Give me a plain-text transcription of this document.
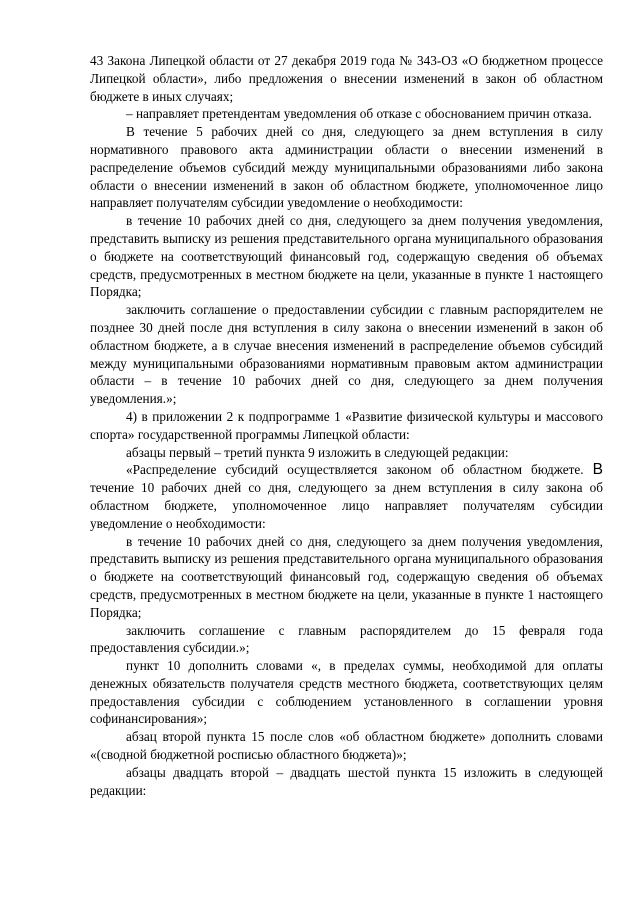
43 Закона Липецкой области от 27 декабря 2019 года № 343-ОЗ «О бюджетном процессе Липецкой области», либо предложения о внесении изменений в закон об областном бюджете в иных случаях;

– направляет претендентам уведомления об отказе с обоснованием причин отказа.

В течение 5 рабочих дней со дня, следующего за днем вступления в силу нормативного правового акта администрации области о внесении изменений в распределение объемов субсидий между муниципальными образованиями либо закона области о внесении изменений в закон об областном бюджете, уполномоченное лицо направляет получателям субсидии уведомление о необходимости:

в течение 10 рабочих дней со дня, следующего за днем получения уведомления, представить выписку из решения представительного органа муниципального образования о бюджете на соответствующий финансовый год, содержащую сведения об объемах средств, предусмотренных в местном бюджете на цели, указанные в пункте 1 настоящего Порядка;

заключить соглашение о предоставлении субсидии с главным распорядителем не позднее 30 дней после дня вступления в силу закона о внесении изменений в закон об областном бюджете, а в случае внесения изменений в распределение объемов субсидий между муниципальными образованиями нормативным правовым актом администрации области – в течение 10 рабочих дней со дня, следующего за днем получения уведомления.»;

4) в приложении 2 к подпрограмме 1 «Развитие физической культуры и массового спорта» государственной программы Липецкой области:

абзацы первый – третий пункта 9 изложить в следующей редакции:

«Распределение субсидий осуществляется законом об областном бюджете. В течение 10 рабочих дней со дня, следующего за днем вступления в силу закона об областном бюджете, уполномоченное лицо направляет получателям субсидии уведомление о необходимости:

в течение 10 рабочих дней со дня, следующего за днем получения уведомления, представить выписку из решения представительного органа муниципального образования о бюджете на соответствующий финансовый год, содержащую сведения об объемах средств, предусмотренных в местном бюджете на цели, указанные в пункте 1 настоящего Порядка;

заключить соглашение с главным распорядителем до 15 февраля года предоставления субсидии.»;

пункт 10 дополнить словами «, в пределах суммы, необходимой для оплаты денежных обязательств получателя средств местного бюджета, соответствующих целям предоставления субсидии с соблюдением установленного в соглашении уровня софинансирования»;

абзац второй пункта 15 после слов «об областном бюджете» дополнить словами «(сводной бюджетной росписью областного бюджета)»;

абзацы двадцать второй – двадцать шестой пункта 15 изложить в следующей редакции:
